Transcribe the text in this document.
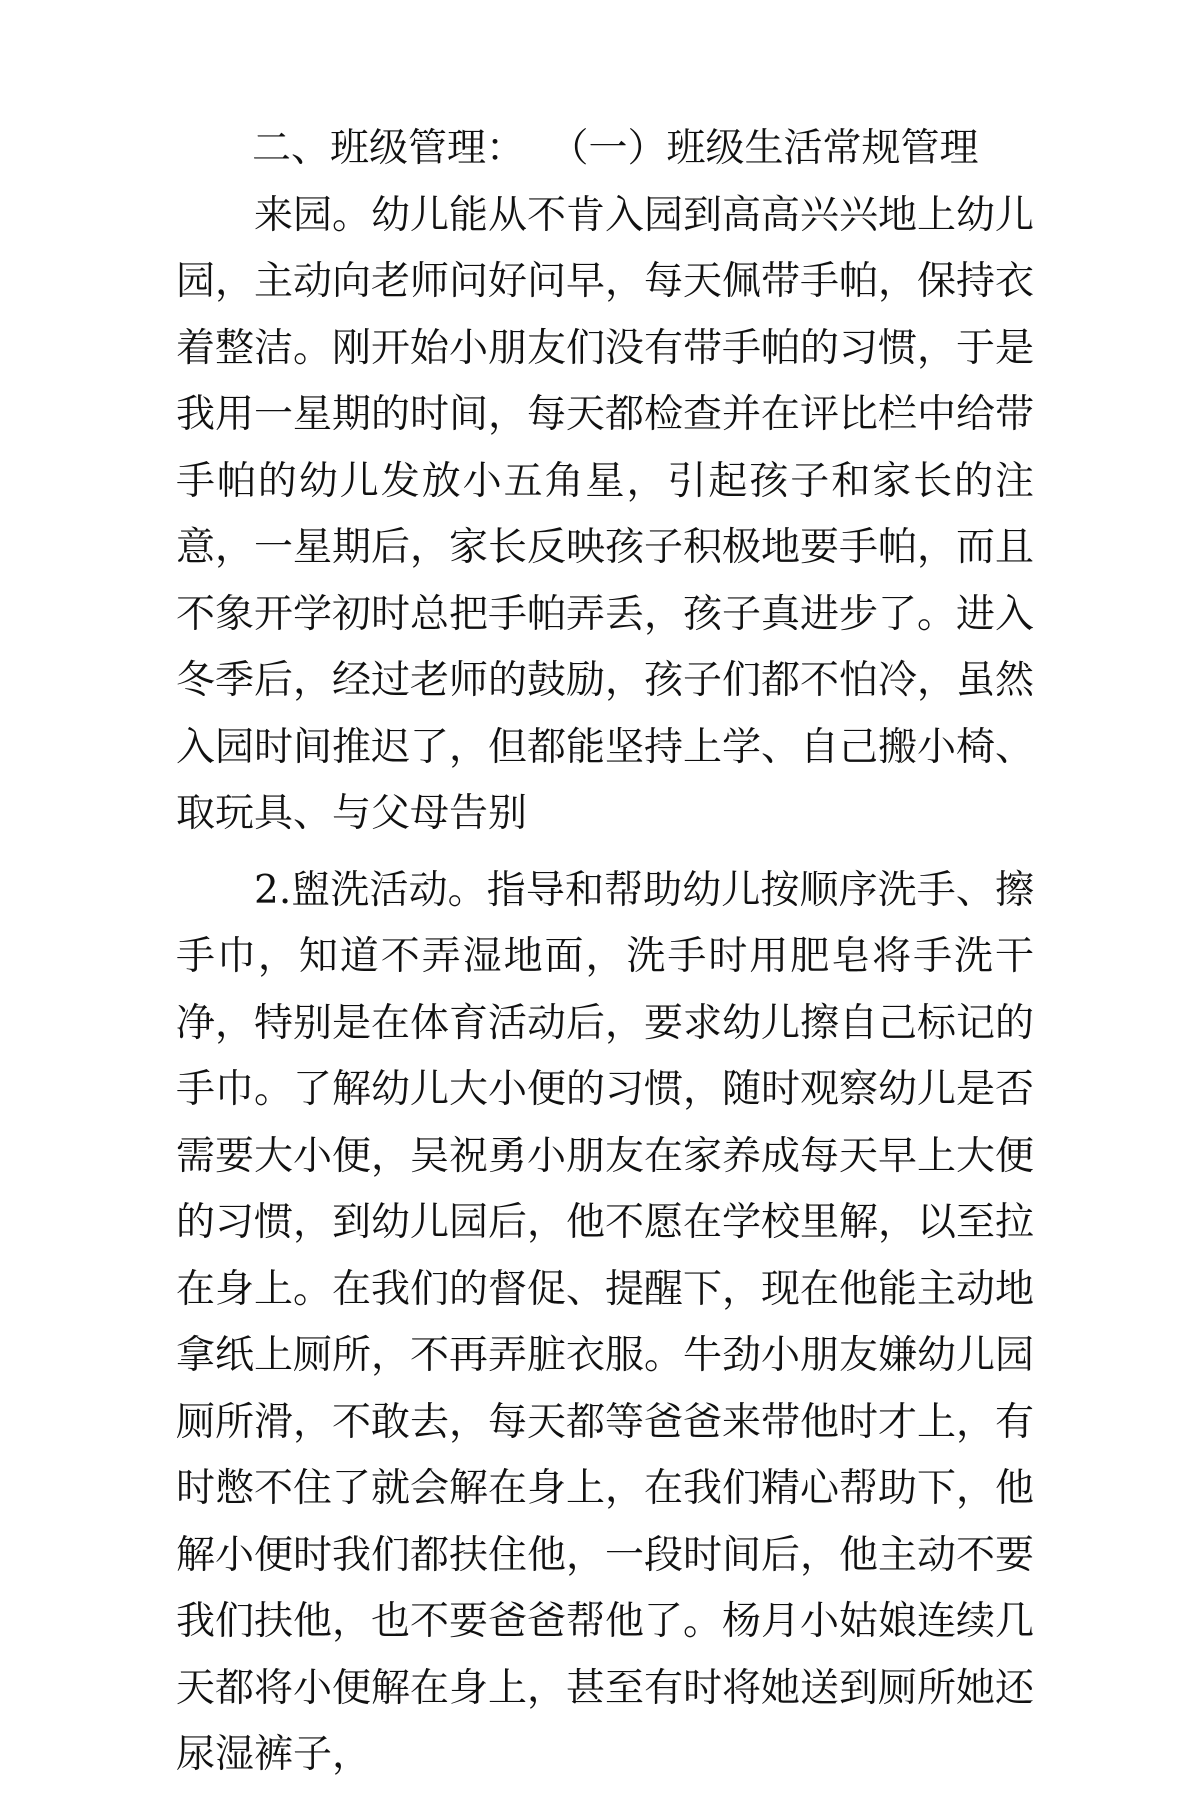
二、班级管理： （一）班级生活常规管理

来园。幼儿能从不肯入园到高高兴兴地上幼儿园，主动向老师问好问早，每天佩带手帕，保持衣着整洁。刚开始小朋友们没有带手帕的习惯，于是我用一星期的时间，每天都检查并在评比栏中给带手帕的幼儿发放小五角星，引起孩子和家长的注意，一星期后，家长反映孩子积极地要手帕，而且不象开学初时总把手帕弄丢，孩子真进步了。进入冬季后，经过老师的鼓励，孩子们都不怕冷，虽然入园时间推迟了，但都能坚持上学、自己搬小椅、取玩具、与父母告别

2.盥洗活动。指导和帮助幼儿按顺序洗手、擦手巾，知道不弄湿地面，洗手时用肥皂将手洗干净，特别是在体育活动后，要求幼儿擦自己标记的手巾。了解幼儿大小便的习惯，随时观察幼儿是否需要大小便，吴祝勇小朋友在家养成每天早上大便的习惯，到幼儿园后，他不愿在学校里解，以至拉在身上。在我们的督促、提醒下，现在他能主动地拿纸上厕所，不再弄脏衣服。牛劲小朋友嫌幼儿园厕所滑，不敢去，每天都等爸爸来带他时才上，有时憋不住了就会解在身上，在我们精心帮助下，他解小便时我们都扶住他，一段时间后，他主动不要我们扶他，也不要爸爸帮他了。杨月小姑娘连续几天都将小便解在身上，甚至有时将她送到厕所她还尿湿裤子，
